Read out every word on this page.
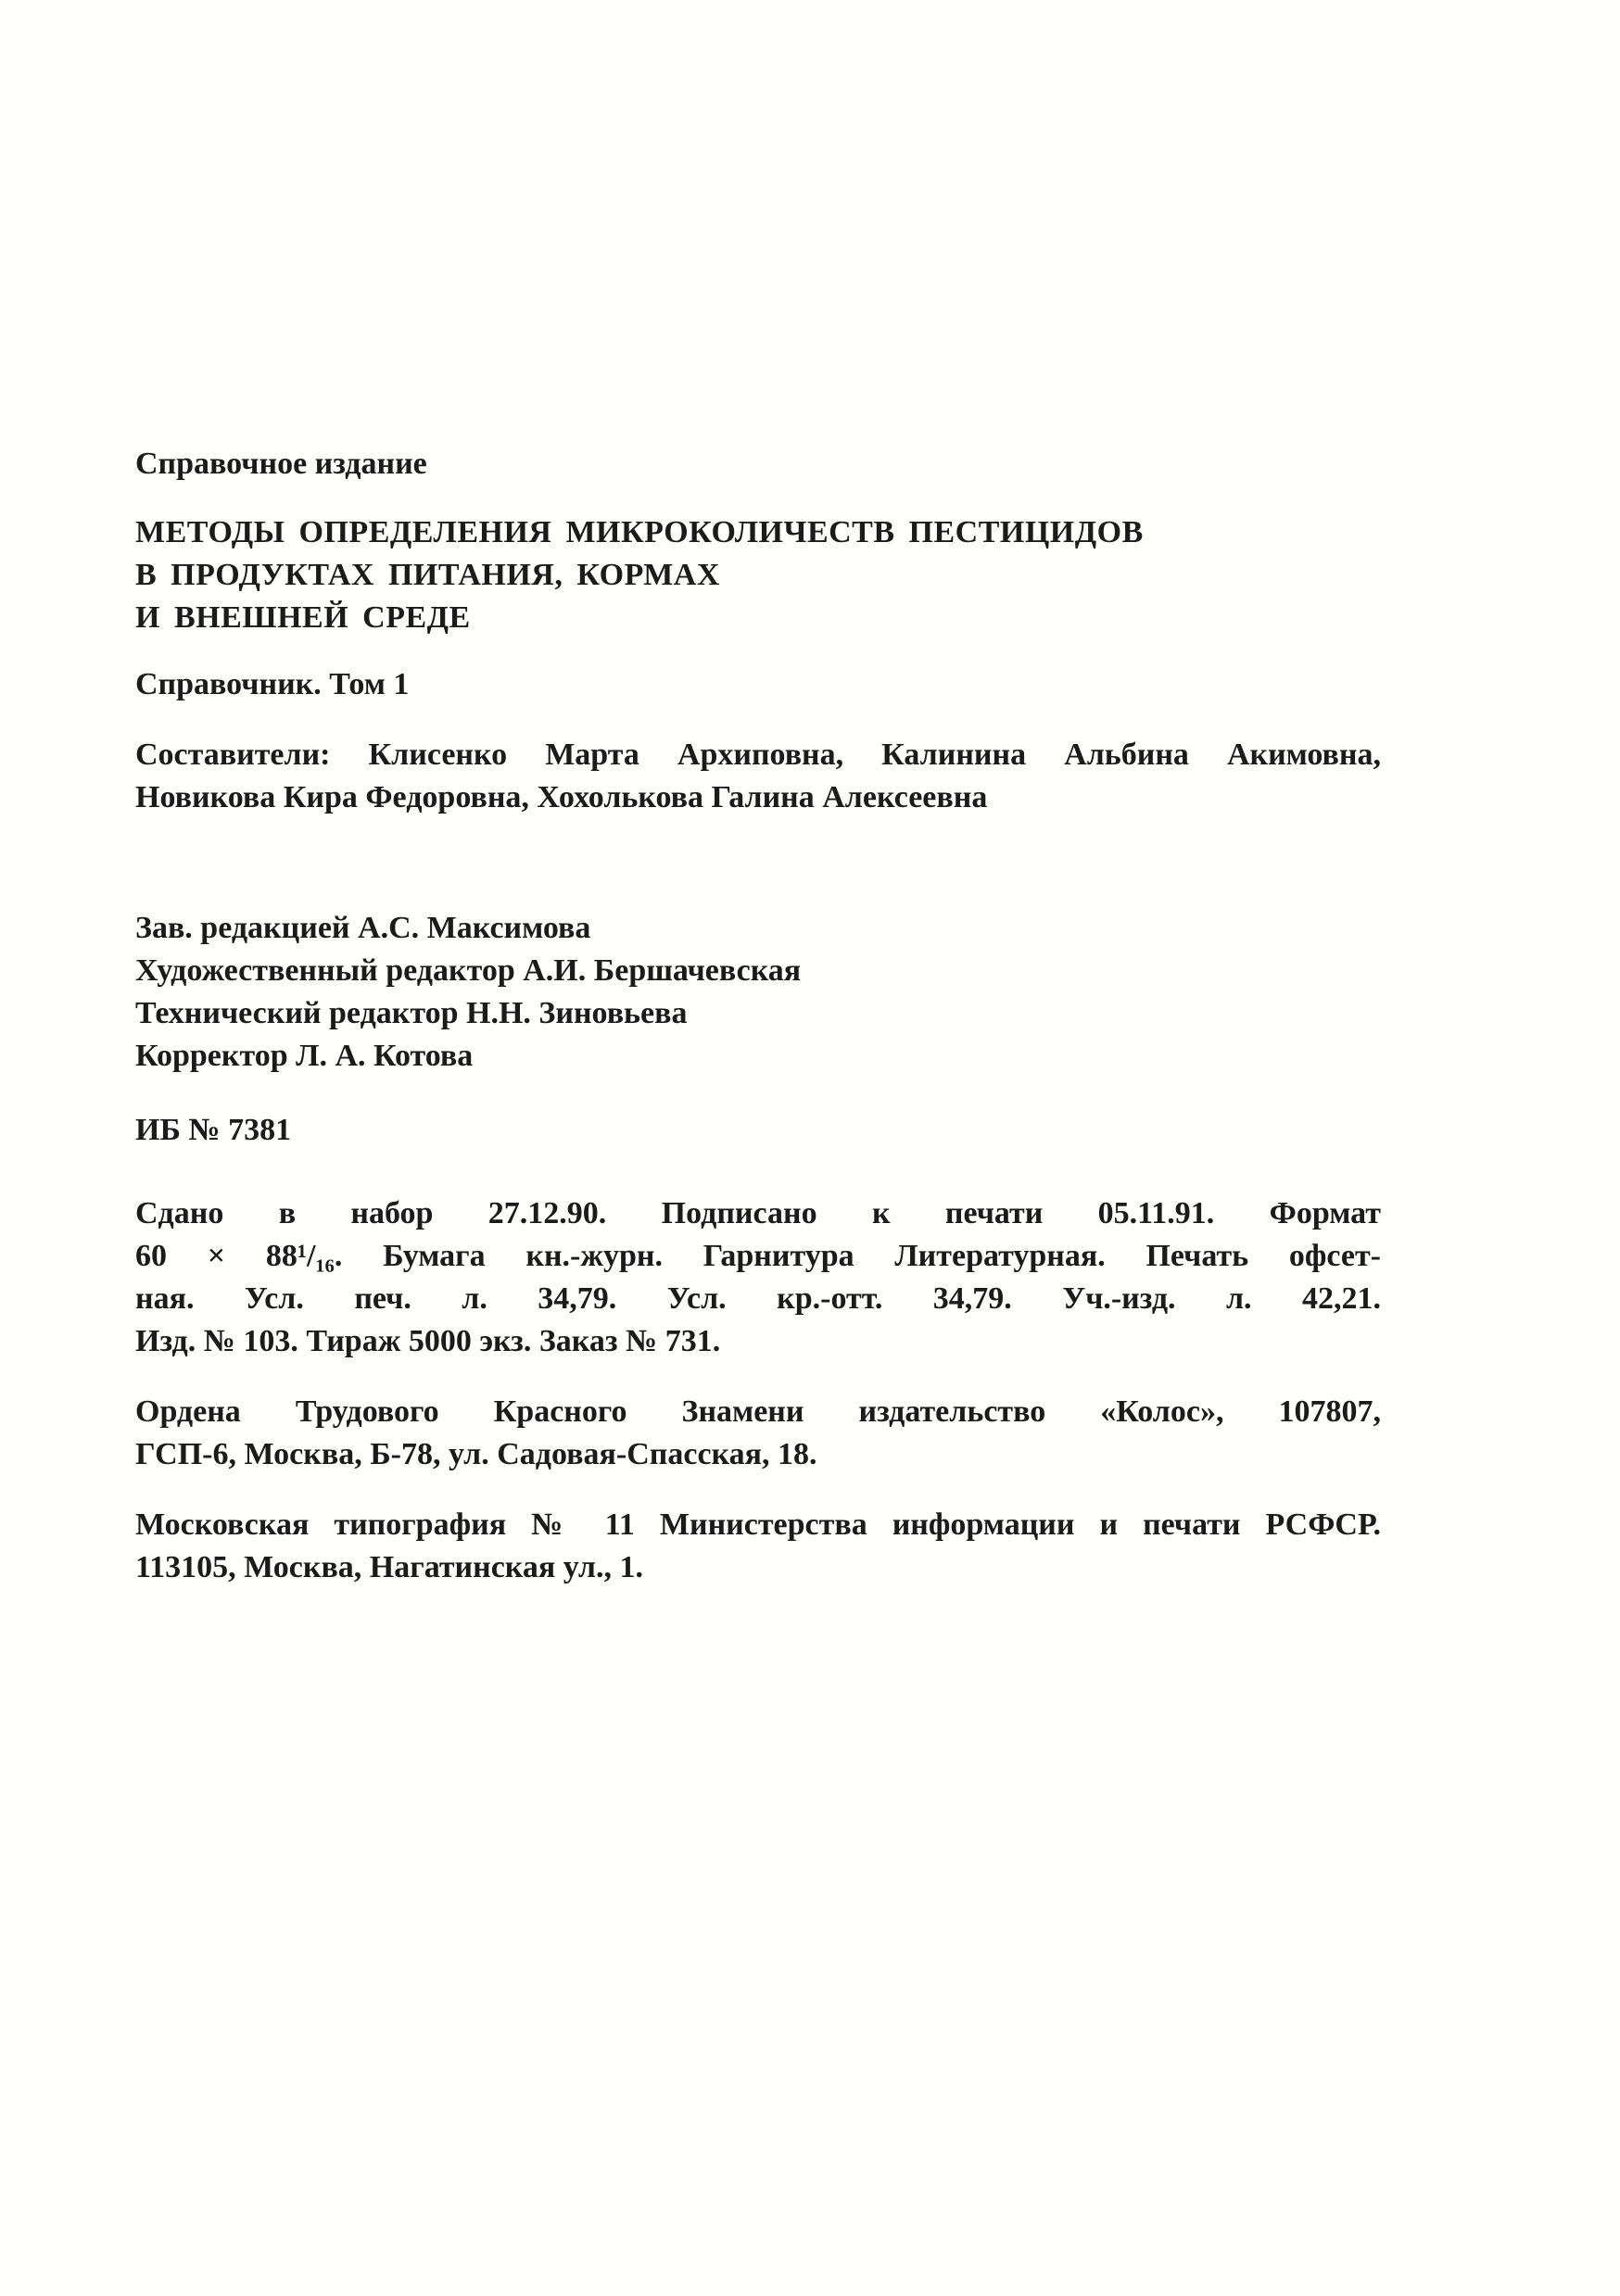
Справочное издание
МЕТОДЫ ОПРЕДЕЛЕНИЯ МИКРОКОЛИЧЕСТВ ПЕСТИЦИДОВ
В ПРОДУКТАХ ПИТАНИЯ, КОРМАХ
И ВНЕШНЕЙ СРЕДЕ
Справочник. Том 1
Составители: Клисенко Марта Архиповна, Калинина Альбина Акимовна,
Новикова Кира Федоровна, Хохолькова Галина Алексеевна
Зав. редакцией А.С. Максимова
Художественный редактор А.И. Бершачевская
Технический редактор Н.Н. Зиновьева
Корректор Л. А. Котова
ИБ № 7381
Сдано в набор 27.12.90. Подписано к печати 05.11.91. Формат
60 × 88¹/₁₆. Бумага кн.-журн. Гарнитура Литературная. Печать офсет-
ная. Усл. печ. л. 34,79. Усл. кр.-отт. 34,79. Уч.-изд. л. 42,21.
Изд. № 103. Тираж 5000 экз. Заказ № 731.
Ордена Трудового Красного Знамени издательство «Колос», 107807,
ГСП-6, Москва, Б-78, ул. Садовая-Спасская, 18.
Московская типография № 11 Министерства информации и печати РСФСР.
113105, Москва, Нагатинская ул., 1.
